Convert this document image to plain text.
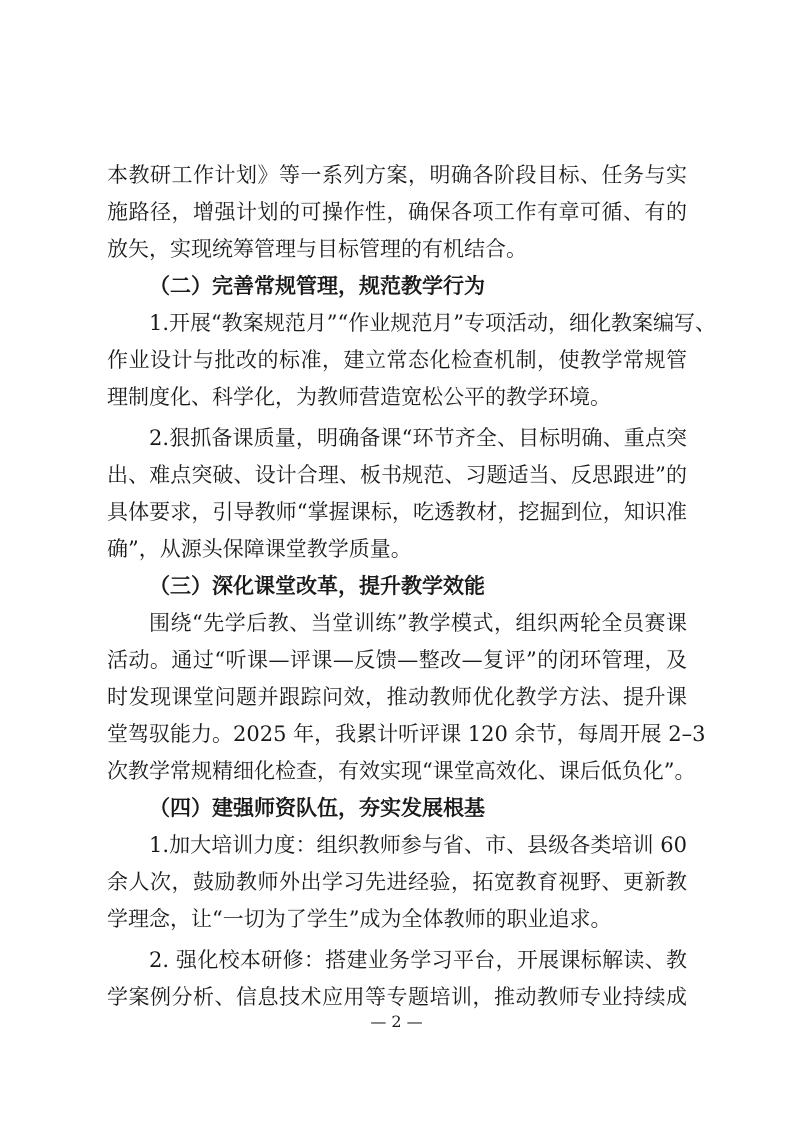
本教研工作计划》等一系列方案，明确各阶段目标、任务与实
施路径，增强计划的可操作性，确保各项工作有章可循、有的
放矢，实现统筹管理与目标管理的有机结合。
（二）完善常规管理，规范教学行为
1.开展“教案规范月”“作业规范月”专项活动，细化教案编写、
作业设计与批改的标准，建立常态化检查机制，使教学常规管
理制度化、科学化，为教师营造宽松公平的教学环境。
2.狠抓备课质量，明确备课“环节齐全、目标明确、重点突
出、难点突破、设计合理、板书规范、习题适当、反思跟进”的
具体要求，引导教师“掌握课标，吃透教材，挖掘到位，知识准
确”，从源头保障课堂教学质量。
（三）深化课堂改革，提升教学效能
围绕“先学后教、当堂训练”教学模式，组织两轮全员赛课
活动。通过“听课—评课—反馈—整改—复评”的闭环管理，及
时发现课堂问题并跟踪问效，推动教师优化教学方法、提升课
堂驾驭能力。2025 年，我累计听评课 120 余节，每周开展 2–3
次教学常规精细化检查，有效实现“课堂高效化、课后低负化”。
（四）建强师资队伍，夯实发展根基
1.加大培训力度：组织教师参与省、市、县级各类培训 60
余人次，鼓励教师外出学习先进经验，拓宽教育视野、更新教
学理念，让“一切为了学生”成为全体教师的职业追求。
2. 强化校本研修：搭建业务学习平台，开展课标解读、教
学案例分析、信息技术应用等专题培训，推动教师专业持续成
— 2 —
